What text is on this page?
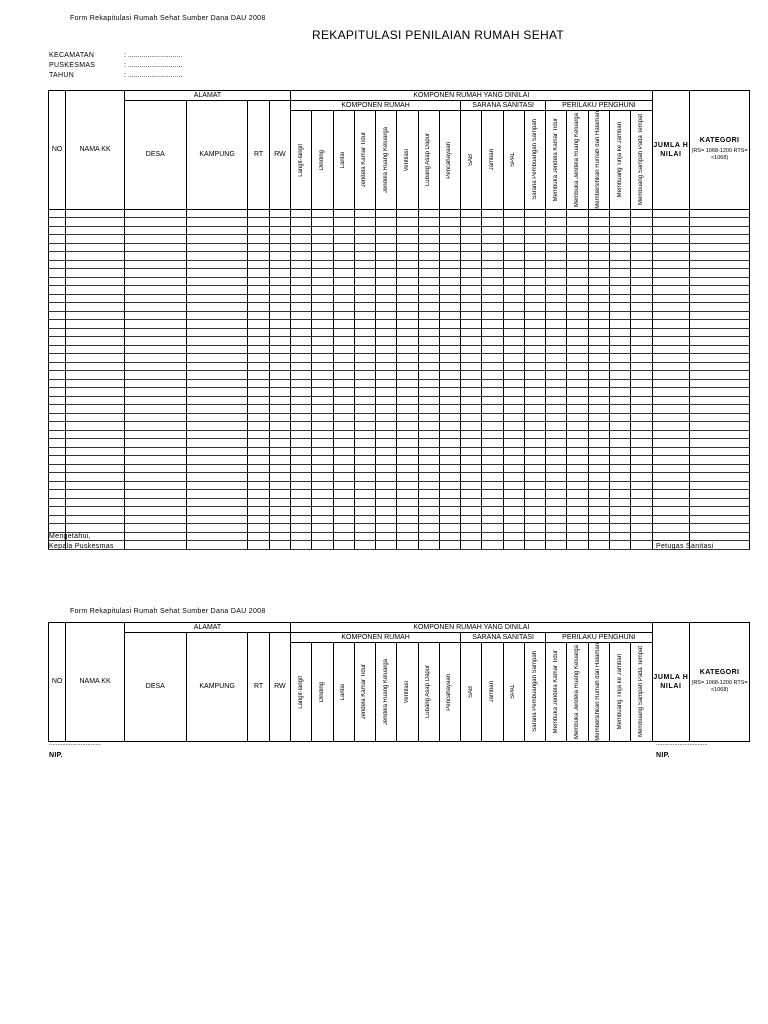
Form Rekapitulasi Rumah Sehat Sumber Dana DAU 2008
REKAPITULASI PENILAIAN RUMAH SEHAT
KECAMATAN	: ............................
PUSKESMAS	: ............................
TAHUN	: ............................
NO	NAMA KK	ALAMAT				KOMPONEN RUMAH YANG DINILAI																	JUMLA H NILAI	KATEGORI
(RS= 1068-1200 RTS= <1068)

		DESA	KAMPUNG	RT	RW	KOMPONEN RUMAH								SARANA SANITASI				PERILAKU PENGHUNI						

						Langit-langit	Dinding	Lantai	Jendela Kamar Tidur	Jendela Ruang Keluarga	Ventilasi	Lubang Asap Dapur	Pencahayaan	SAB	Jamban	SPAL	Sarana Pembuangan Sampah	Membuka Jendela Kamar Tidur	Membuka Jendela Ruang Keluarga	Membersihkan Rumah dan Halaman	Membuang Tinja ke Jamban	Membuang Sampah Pada Tempat		

Mengetahui,
Kepala Puskesmas	Petugas Sanitasi
Form Rekapitulasi Rumah Sehat Sumber Dana DAU 2008
NO	NAMA KK	ALAMAT				KOMPONEN RUMAH YANG DINILAI																	JUMLA H NILAI	KATEGORI
(RS= 1068-1200 RTS= <1068)

		DESA	KAMPUNG	RT	RW	KOMPONEN RUMAH								SARANA SANITASI				PERILAKU PENGHUNI						

						Langit-langit	Dinding	Lantai	Jendela Kamar Tidur	Jendela Ruang Keluarga	Ventilasi	Lubang Asap Dapur	Pencahayaan	SAB	Jamban	SPAL	Sarana Pembuangan Sampah	Membuka Jendela Kamar Tidur	Membuka Jendela Ruang Keluarga	Membersihkan Rumah dan Halaman	Membuang Tinja ke Jamban	Membuang Sampah Pada Tempat		
...............................
NIP.
...............................
NIP.
